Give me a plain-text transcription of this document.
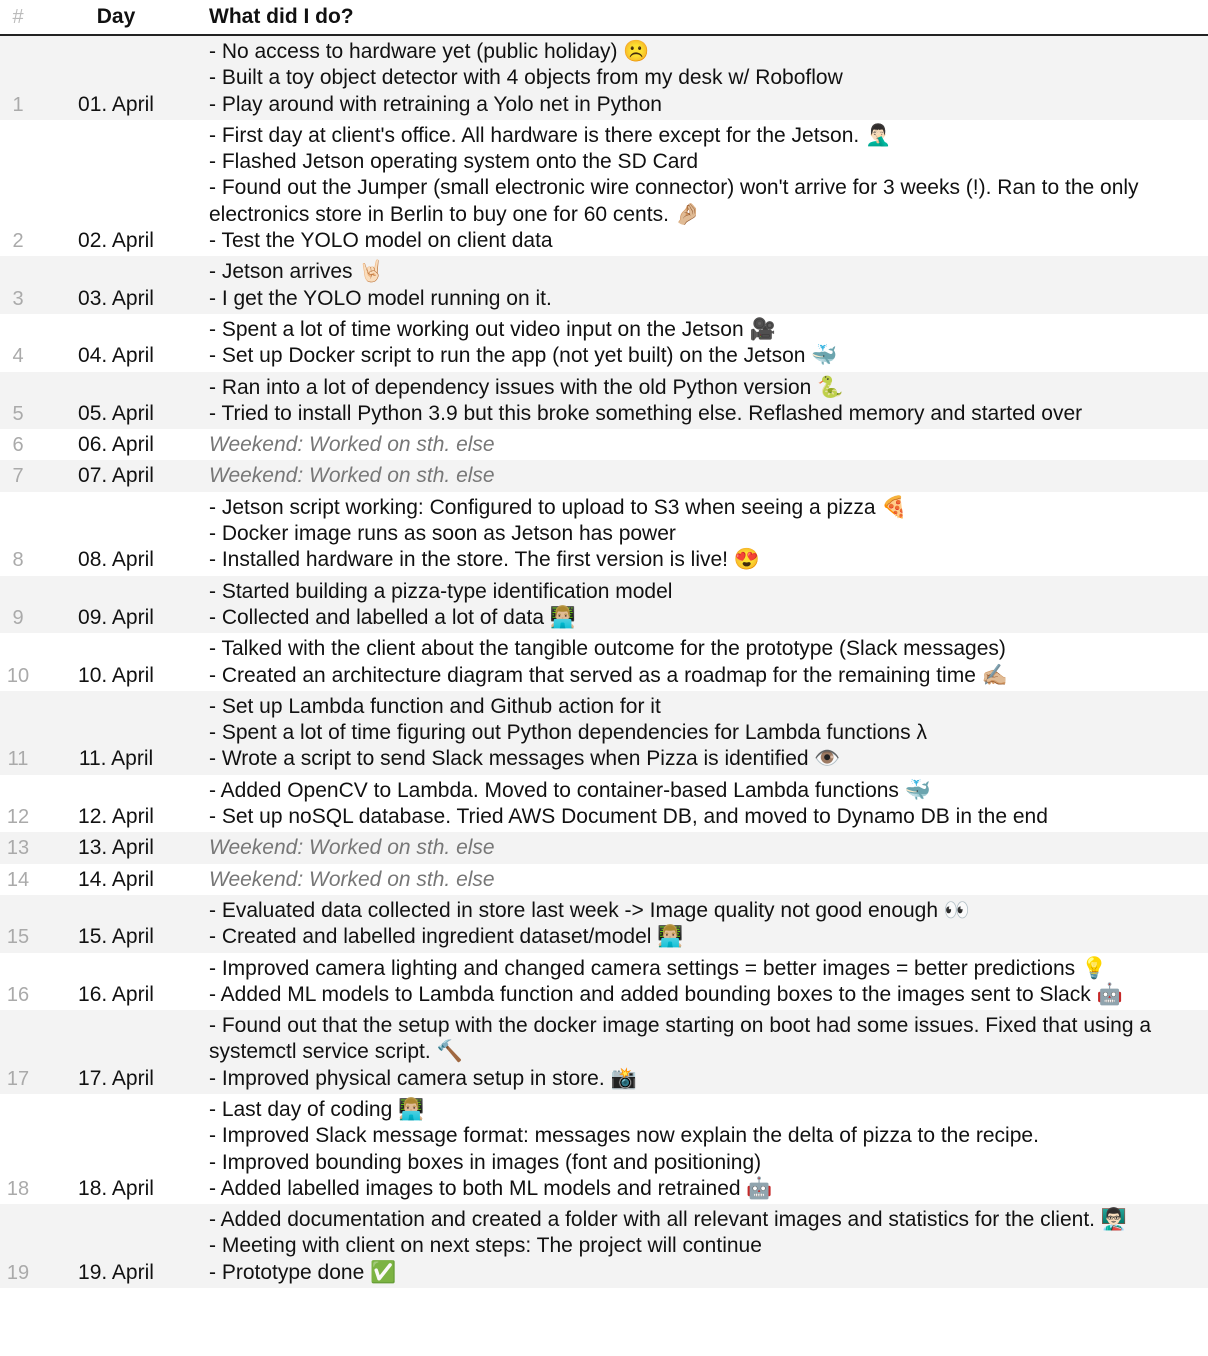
#	Day	What did I do?
1	01. April
- No access to hardware yet (public holiday) ☹️
- Built a toy object detector with 4 objects from my desk w/ Roboflow
- Play around with retraining a Yolo net in Python
2	02. April
- First day at client's office. All hardware is there except for the Jetson. 🤦🏻‍♂️
- Flashed Jetson operating system onto the SD Card
- Found out the Jumper (small electronic wire connector) won't arrive for 3 weeks (!). Ran to the only electronics store in Berlin to buy one for 60 cents. 🤌🏼
- Test the YOLO model on client data
3	03. April
- Jetson arrives 🤘🏻
- I get the YOLO model running on it.
4	04. April
- Spent a lot of time working out video input on the Jetson 🎥
- Set up Docker script to run the app (not yet built) on the Jetson 🐳
5	05. April
- Ran into a lot of dependency issues with the old Python version 🐍
- Tried to install Python 3.9 but this broke something else. Reflashed memory and started over
6	06. April	Weekend: Worked on sth. else
7	07. April	Weekend: Worked on sth. else
8	08. April
- Jetson script working: Configured to upload to S3 when seeing a pizza 🍕
- Docker image runs as soon as Jetson has power
- Installed hardware in the store. The first version is live! 😍
9	09. April
- Started building a pizza-type identification model
- Collected and labelled a lot of data 👨🏼‍💻
10	10. April
- Talked with the client about the tangible outcome for the prototype (Slack messages)
- Created an architecture diagram that served as a roadmap for the remaining time ✍🏼
11	11. April
- Set up Lambda function and Github action for it
- Spent a lot of time figuring out Python dependencies for Lambda functions λ
- Wrote a script to send Slack messages when Pizza is identified 👁️
12	12. April
- Added OpenCV to Lambda. Moved to container-based Lambda functions 🐳
- Set up noSQL database. Tried AWS Document DB, and moved to Dynamo DB in the end
13	13. April	Weekend: Worked on sth. else
14	14. April	Weekend: Worked on sth. else
15	15. April
- Evaluated data collected in store last week -> Image quality not good enough 👀
- Created and labelled ingredient dataset/model 👨🏼‍💻
16	16. April
- Improved camera lighting and changed camera settings = better images = better predictions 💡
- Added ML models to Lambda function and added bounding boxes to the images sent to Slack 🤖
17	17. April
- Found out that the setup with the docker image starting on boot had some issues. Fixed that using a systemctl service script. 🔨
- Improved physical camera setup in store. 📸
18	18. April
- Last day of coding 👨🏼‍💻
- Improved Slack message format: messages now explain the delta of pizza to the recipe.
- Improved bounding boxes in images (font and positioning)
- Added labelled images to both ML models and retrained 🤖
19	19. April
- Added documentation and created a folder with all relevant images and statistics for the client. 👨🏻‍🏫
- Meeting with client on next steps: The project will continue
- Prototype done ✅
